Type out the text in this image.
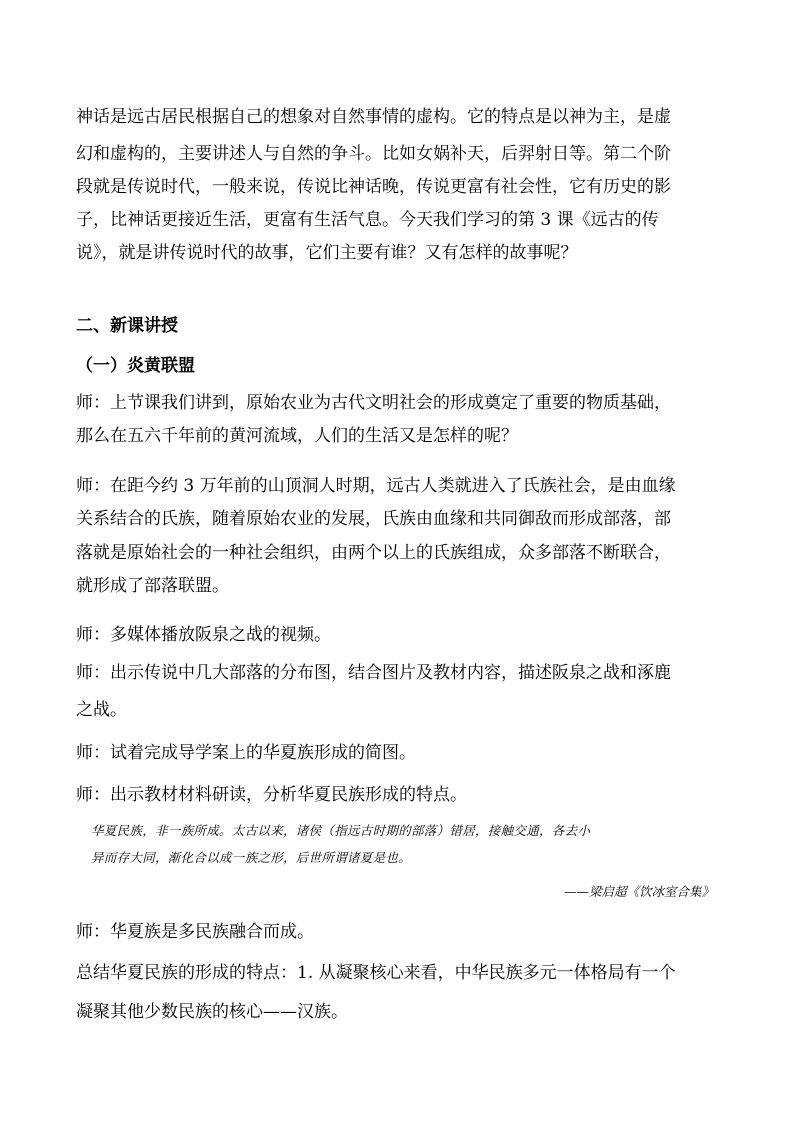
神话是远古居民根据自己的想象对自然事情的虚构。它的特点是以神为主，是虚
幻和虚构的，主要讲述人与自然的争斗。比如女娲补天，后羿射日等。第二个阶
段就是传说时代，一般来说，传说比神话晚，传说更富有社会性，它有历史的影
子，比神话更接近生活，更富有生活气息。今天我们学习的第 3 课《远古的传
说》，就是讲传说时代的故事，它们主要有谁？又有怎样的故事呢？
二、新课讲授
（一）炎黄联盟
师：上节课我们讲到，原始农业为古代文明社会的形成奠定了重要的物质基础，
那么在五六千年前的黄河流域，人们的生活又是怎样的呢？
师：在距今约 3 万年前的山顶洞人时期，远古人类就进入了氏族社会，是由血缘
关系结合的氏族，随着原始农业的发展，氏族由血缘和共同御敌而形成部落，部
落就是原始社会的一种社会组织，由两个以上的氏族组成，众多部落不断联合，
就形成了部落联盟。
师：多媒体播放阪泉之战的视频。
师：出示传说中几大部落的分布图，结合图片及教材内容，描述阪泉之战和涿鹿
之战。
师：试着完成导学案上的华夏族形成的简图。
师：出示教材材料研读，分析华夏民族形成的特点。
华夏民族，非一族所成。太古以来，诸侯（指远古时期的部落）错居，接触交通，各去小
异而存大同，渐化合以成一族之形，后世所谓诸夏是也。
——梁启超《饮冰室合集》
师：华夏族是多民族融合而成。
总结华夏民族的形成的特点：1. 从凝聚核心来看，中华民族多元一体格局有一个
凝聚其他少数民族的核心——汉族。
